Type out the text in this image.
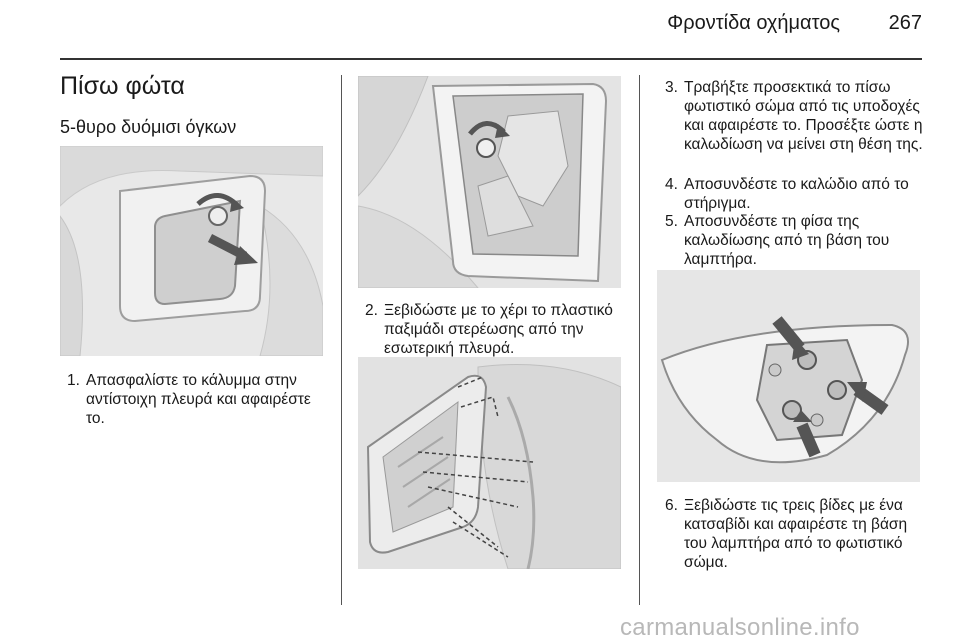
Φροντίδα οχήματος	267
Πίσω φώτα
5-θυρο δυόμισι όγκων
1. Απασφαλίστε το κάλυμμα στην αντίστοιχη πλευρά και αφαιρέστε το.
2. Ξεβιδώστε με το χέρι το πλαστικό παξιμάδι στερέωσης από την εσωτερική πλευρά.
3. Τραβήξτε προσεκτικά το πίσω φωτιστικό σώμα από τις υποδοχές και αφαιρέστε το. Προσέξτε ώστε η καλωδίωση να μείνει στη θέση της.
4. Αποσυνδέστε το καλώδιο από το στήριγμα.
5. Αποσυνδέστε τη φίσα της καλωδίωσης από τη βάση του λαμπτήρα.
6. Ξεβιδώστε τις τρεις βίδες με ένα κατσαβίδι και αφαιρέστε τη βάση του λαμπτήρα από το φωτιστικό σώμα.
carmanualsonline.info
